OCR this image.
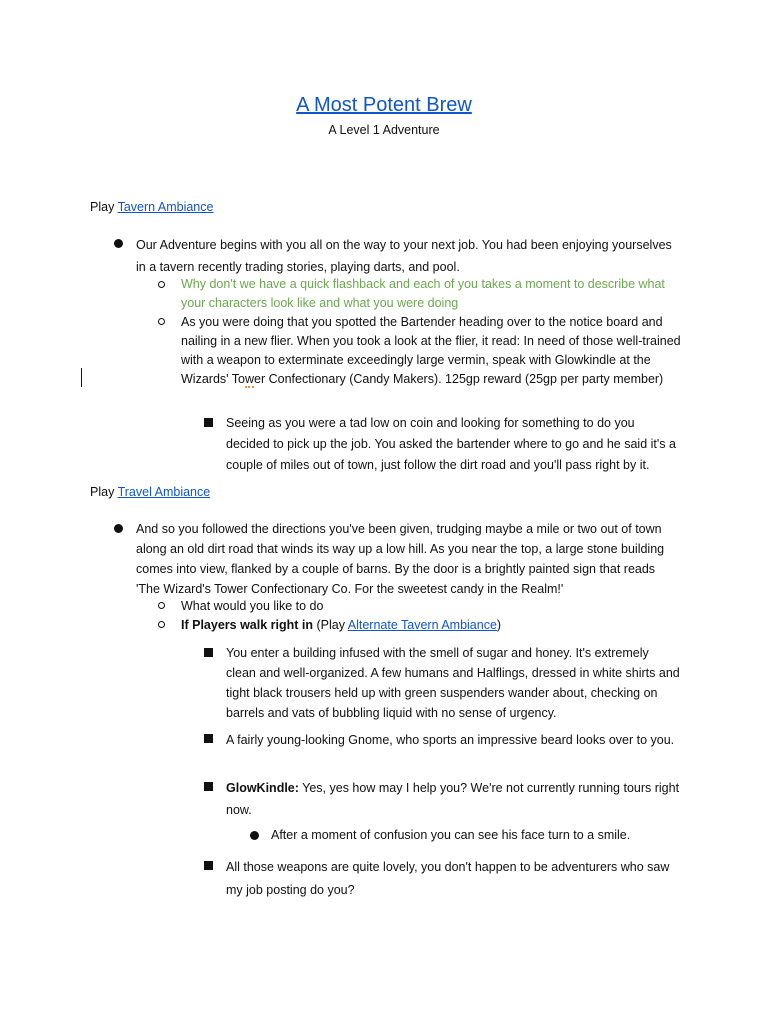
A Most Potent Brew
A Level 1 Adventure
Play Tavern Ambiance
Our Adventure begins with you all on the way to your next job. You had been enjoying yourselves in a tavern recently trading stories, playing darts, and pool.
Why don't we have a quick flashback and each of you takes a moment to describe what your characters look like and what you were doing
As you were doing that you spotted the Bartender heading over to the notice board and nailing in a new flier. When you took a look at the flier, it read: In need of those well-trained with a weapon to exterminate exceedingly large vermin, speak with Glowkindle at the Wizards' Tower Confectionary (Candy Makers). 125gp reward (25gp per party member)
Seeing as you were a tad low on coin and looking for something to do you decided to pick up the job. You asked the bartender where to go and he said it's a couple of miles out of town, just follow the dirt road and you'll pass right by it.
Play Travel Ambiance
And so you followed the directions you've been given, trudging maybe a mile or two out of town along an old dirt road that winds its way up a low hill. As you near the top, a large stone building comes into view, flanked by a couple of barns. By the door is a brightly painted sign that reads 'The Wizard's Tower Confectionary Co. For the sweetest candy in the Realm!'
What would you like to do
If Players walk right in (Play Alternate Tavern Ambiance)
You enter a building infused with the smell of sugar and honey. It's extremely clean and well-organized. A few humans and Halflings, dressed in white shirts and tight black trousers held up with green suspenders wander about, checking on barrels and vats of bubbling liquid with no sense of urgency.
A fairly young-looking Gnome, who sports an impressive beard looks over to you.
GlowKindle: Yes, yes how may I help you? We're not currently running tours right now.
After a moment of confusion you can see his face turn to a smile.
All those weapons are quite lovely, you don't happen to be adventurers who saw my job posting do you?
